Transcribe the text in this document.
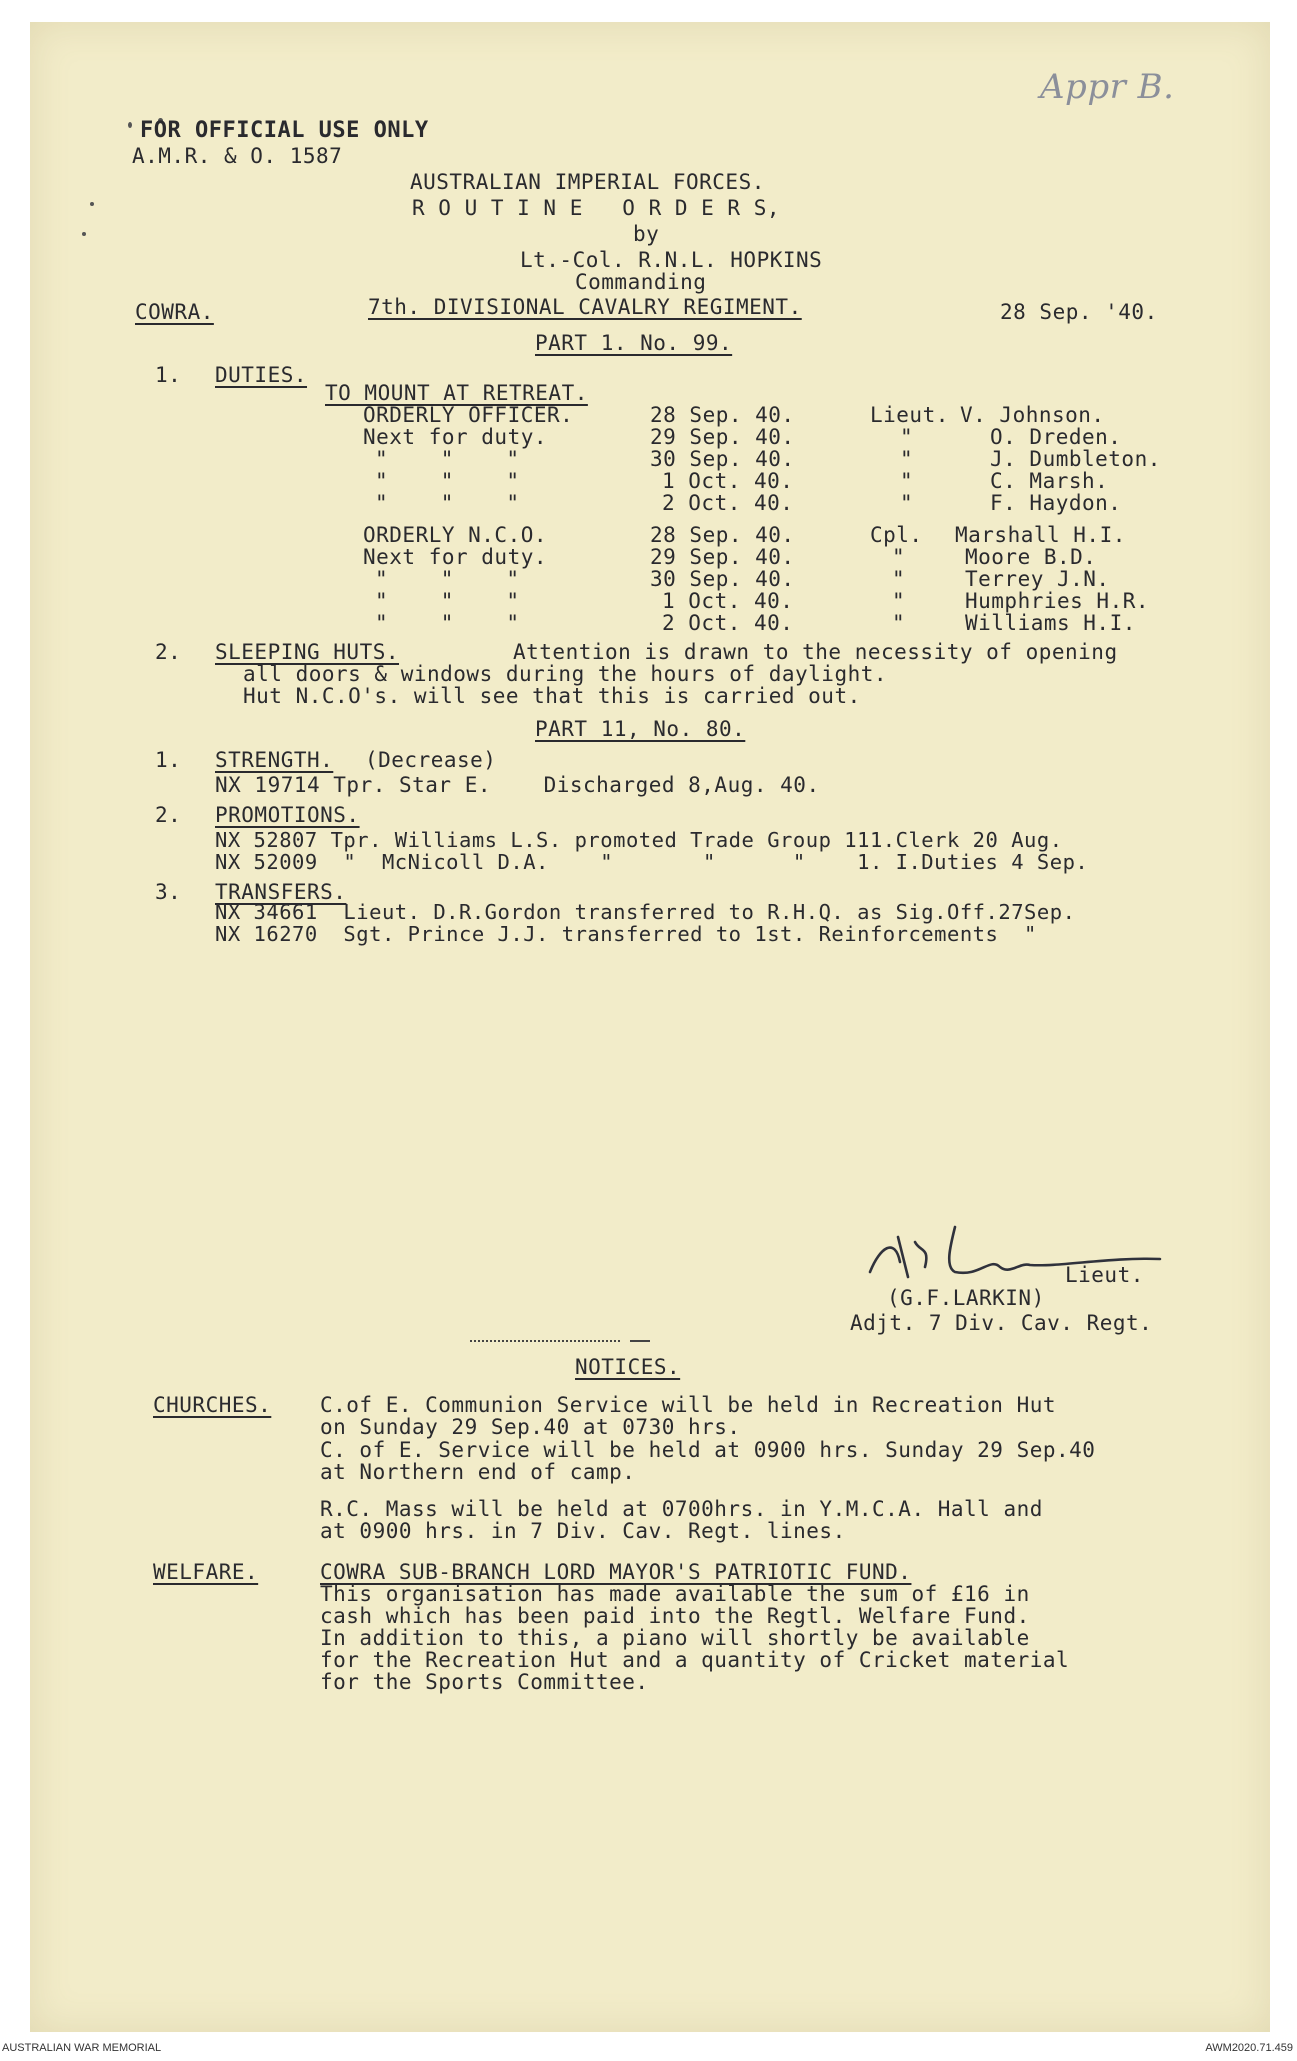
Appr B.
FOR OFFICIAL USE ONLY
A.M.R. & O. 1587
AUSTRALIAN IMPERIAL FORCES.
R O U T I N E   O R D E R S,
by
Lt.-Col. R.N.L. HOPKINS
Commanding
COWRA.	7th. DIVISIONAL CAVALRY REGIMENT.	28 Sep. '40.
PART 1. No. 99.
1. DUTIES.
TO MOUNT AT RETREAT.
ORDERLY OFFICER.	28 Sep. 40.	Lieut. V. Johnson.
Next for duty.	29 Sep. 40.	"	O. Dreden.
"    "    "	30 Sep. 40.	"	J. Dumbleton.
"    "    "	1 Oct. 40.	"	C. Marsh.
"    "    "	2 Oct. 40.	"	F. Haydon.
ORDERLY N.C.O.	28 Sep. 40.	Cpl. Marshall H.I.
Next for duty.	29 Sep. 40.	"	Moore B.D.
"    "    "	30 Sep. 40.	"	Terrey J.N.
"    "    "	1 Oct. 40.	"	Humphries H.R.
"    "    "	2 Oct. 40.	"	Williams H.I.
2. SLEEPING HUTS.	Attention is drawn to the necessity of opening
all doors & windows during the hours of daylight.
Hut N.C.O's. will see that this is carried out.
PART 11, No. 80.
1. STRENGTH. (Decrease)
NX 19714 Tpr. Star E.    Discharged 8,Aug. 40.
2. PROMOTIONS.
NX 52807 Tpr. Williams L.S. promoted Trade Group 111.Clerk 20 Aug.
NX 52009  "  McNicoll D.A.    "       "      "    1. I.Duties 4 Sep.
3. TRANSFERS.
NX 34661  Lieut. D.R.Gordon transferred to R.H.Q. as Sig.Off.27Sep.
NX 16270  Sgt. Prince J.J. transferred to 1st. Reinforcements  "
Lieut.
(G.F.LARKIN)
Adjt. 7 Div. Cav. Regt.
NOTICES.
CHURCHES. C.of E. Communion Service will be held in Recreation Hut
on Sunday 29 Sep.40 at 0730 hrs.
C. of E. Service will be held at 0900 hrs. Sunday 29 Sep.40
at Northern end of camp.
R.C. Mass will be held at 0700hrs. in Y.M.C.A. Hall and
at 0900 hrs. in 7 Div. Cav. Regt. lines.
WELFARE.	COWRA SUB-BRANCH LORD MAYOR'S PATRIOTIC FUND.
This organisation has made available the sum of £16 in
cash which has been paid into the Regtl. Welfare Fund.
In addition to this, a piano will shortly be available
for the Recreation Hut and a quantity of Cricket material
for the Sports Committee.
AUSTRALIAN WAR MEMORIAL	AWM2020.71.459
